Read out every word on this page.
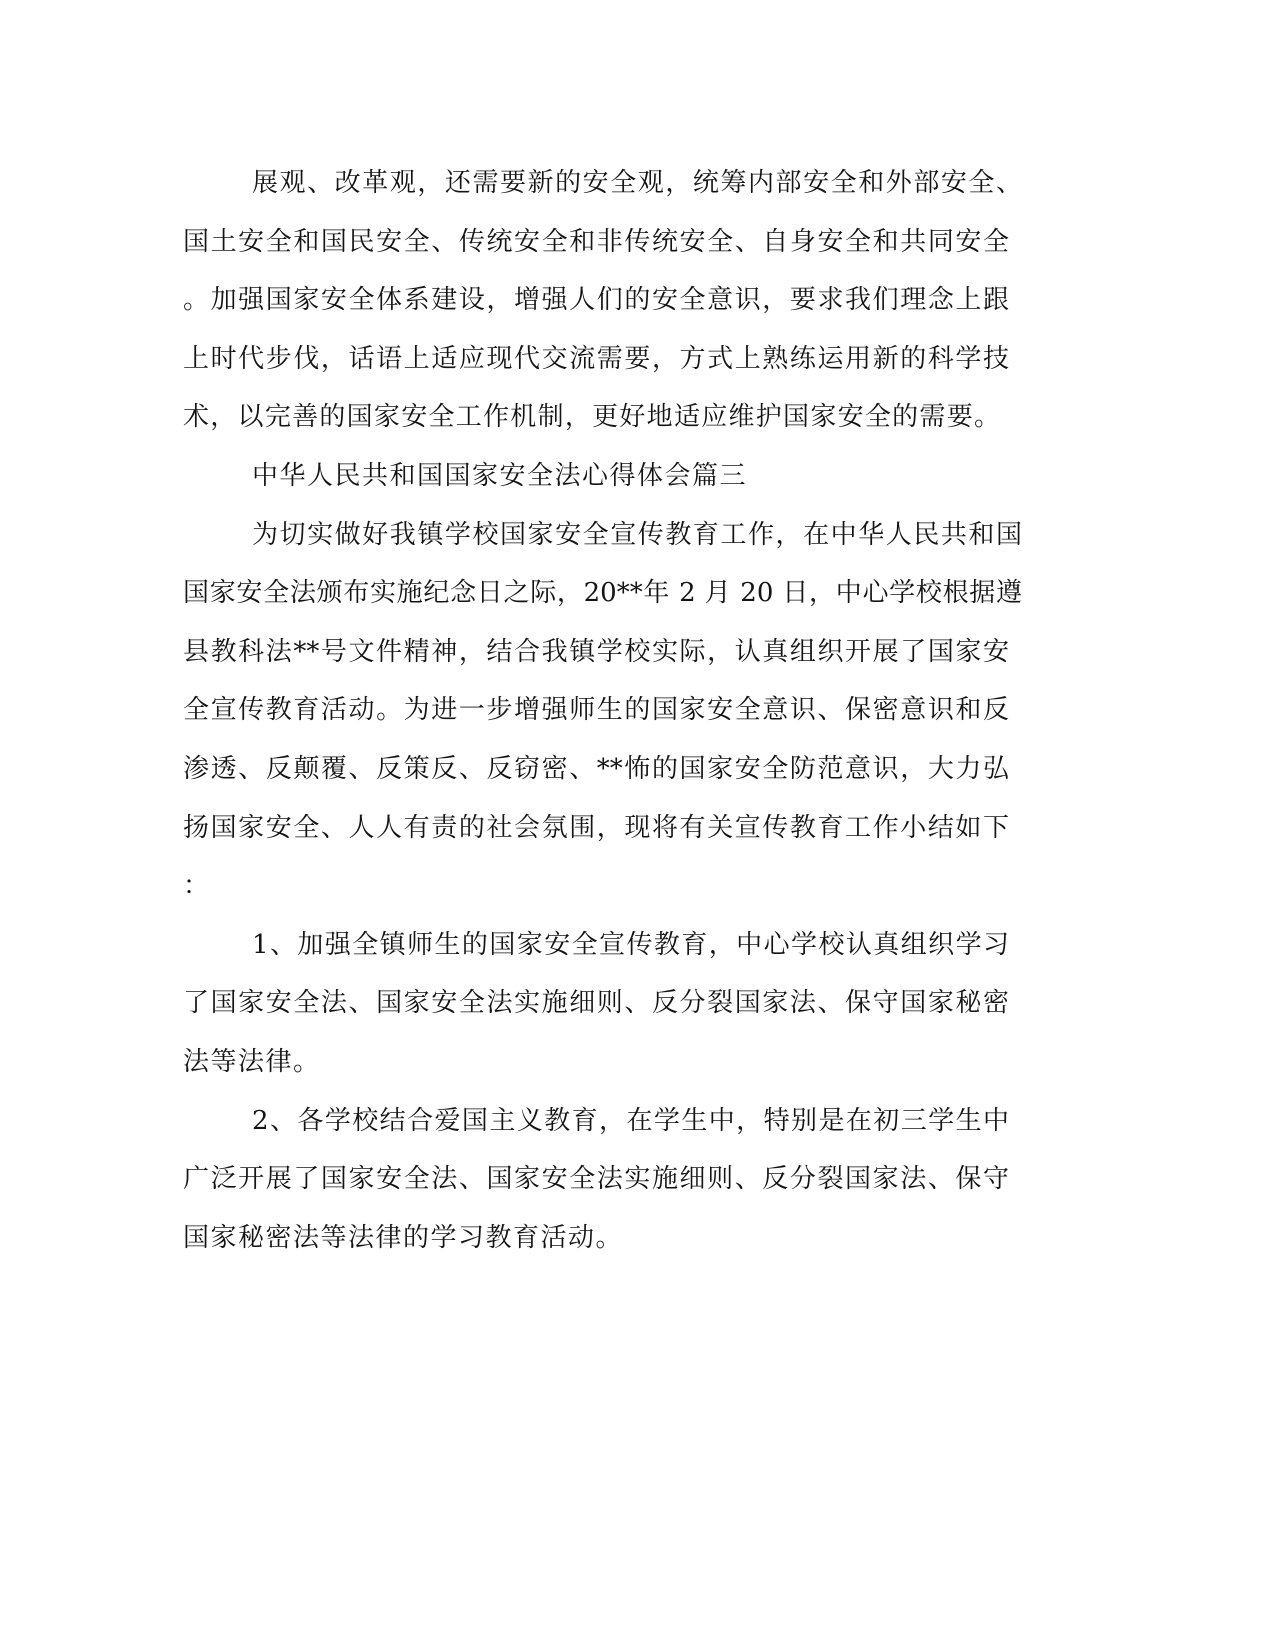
展观、改革观，还需要新的安全观，统筹内部安全和外部安全、
国土安全和国民安全、传统安全和非传统安全、自身安全和共同安全
。加强国家安全体系建设，增强人们的安全意识，要求我们理念上跟
上时代步伐，话语上适应现代交流需要，方式上熟练运用新的科学技
术，以完善的国家安全工作机制，更好地适应维护国家安全的需要。
中华人民共和国国家安全法心得体会篇三
为切实做好我镇学校国家安全宣传教育工作，在中华人民共和国
国家安全法颁布实施纪念日之际，20**年 2 月 20 日，中心学校根据遵
县教科法**号文件精神，结合我镇学校实际，认真组织开展了国家安
全宣传教育活动。为进一步增强师生的国家安全意识、保密意识和反
渗透、反颠覆、反策反、反窃密、**怖的国家安全防范意识，大力弘
扬国家安全、人人有责的社会氛围，现将有关宣传教育工作小结如下
：
1、加强全镇师生的国家安全宣传教育，中心学校认真组织学习
了国家安全法、国家安全法实施细则、反分裂国家法、保守国家秘密
法等法律。
2、各学校结合爱国主义教育，在学生中，特别是在初三学生中
广泛开展了国家安全法、国家安全法实施细则、反分裂国家法、保守
国家秘密法等法律的学习教育活动。
